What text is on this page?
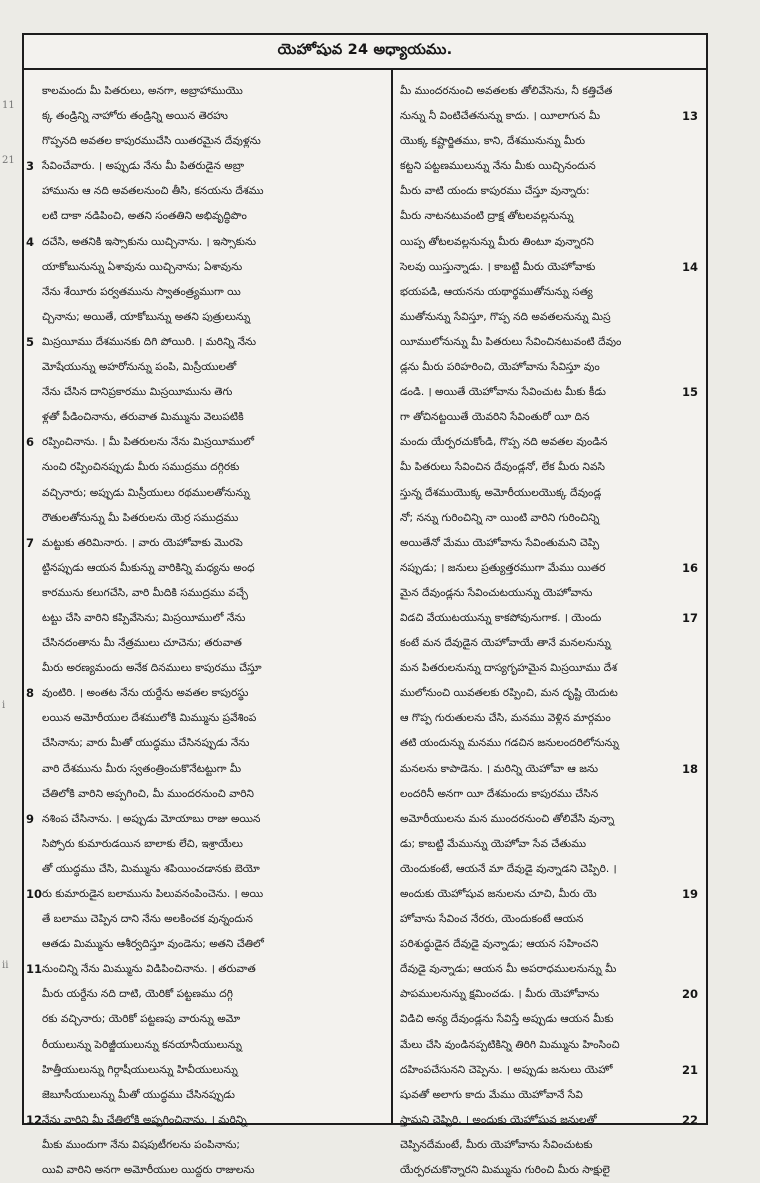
11
21
i
ii
యెహోషువ 24 అధ్యాయము.
కాలమందు మీ పితరులు, అనగా, అబ్రాహాముయొ
క్క తండ్రిన్ని నాహోరు తండ్రిన్ని అయిన తెరహు
గొప్పనది అవతల కాపురముచేసి యితరమైన దేవుళ్లను
3 సేవించేవారు. । అప్పుడు నేను మీ పితరుడైన అబ్రా
హామును ఆ నది అవతలనుంచి తీసి, కనయను దేశము
లటి దాకా నడిపించి, అతని సంతతిని అభివృద్ధిపొం
4 దచేసి, అతనికి ఇస్సాకును యిచ్చినాను. । ఇస్సాకును
యాకోబునున్ను ఏశావును యిచ్చినాను; ఏశావును
నేను శేయీరు పర్వతమును స్వాతంత్ర్యముగా యి
చ్చినాను; అయితే, యాకోబున్ను అతని పుత్రులున్ను
5 మిస్రయీము దేశమునకు దిగి పోయిరి. । మరిన్ని నేను
మోషేయున్ను అహరోనున్ను పంపి, మిస్రీయులతో
నేను చేసిన దానిప్రకారము మిస్రయీమును తెగు
ళ్లతో పీడించినాను, తరువాత మిమ్మును వెలుపటికి
6 రప్పించినాను. । మీ పితరులను నేను మిస్రయీములో
నుంచి రప్పించినప్పుడు మీరు సముద్రము దగ్గిరకు
వచ్చినారు; అప్పుడు మిస్రీయులు రథములతోనున్ను
రౌతులతోనున్ను మీ పితరులను యెర్ర సముద్రము
7 మట్టుకు తరిమినారు. । వారు యెహోవాకు మొరపె
ట్టినప్పుడు ఆయన మీకున్ను వారికిన్ని మధ్యను అంధ
కారమును కలుగచేసి, వారి మీదికి సముద్రము వచ్చే
టట్టు చేసి వారిని కప్పివేసెను; మిస్రయీములో నేను
చేసినదంతాను మీ నేత్రములు చూచెను; తరువాత
మీరు అరణ్యమందు అనేక దినములు కాపురము చేస్తూ
8 వుంటిరి. । అంతట నేను యర్దేను అవతల కాపురస్థు
లయిన అమోరీయుల దేశములోకి మిమ్మును ప్రవేశింప
చేసినాను; వారు మీతో యుద్ధము చేసినప్పుడు నేను
వారి దేశమును మీరు స్వతంత్రించుకొనేటట్టుగా మీ
చేతిలోకి వారిని అప్పగించి, మీ ముందరనుంచి వారిని
9 నశింప చేసినాను. । అప్పుడు మోయాబు రాజు అయిన
సిప్పోరు కుమారుడయిన బాలాకు లేచి, ఇశ్రాయేలు
తో యుద్ధము చేసి, మిమ్మును శపియించడానకు బెయో
10 రు కుమారుడైన బలామును పిలువనంపించెను. । అయి
తే బలాము చెప్పిన దాని నేను అలకించక వున్నందున
ఆతడు మిమ్మును ఆశీర్వదిస్తూ వుండెను; అతని చేతిలో
11 నుంచిన్ని నేను మిమ్మును విడిపించినాను. । తరువాత
మీరు యర్దేను నది దాటి, యెరికో పట్టణము దగ్గి
రకు వచ్చినారు; యెరికో పట్టణపు వారున్ను అమో
రీయులున్ను పెరిజ్జీయులున్ను కనయానీయులున్ను
హిత్తీయులున్ను గిర్గాషీయులున్ను హివీయులున్ను
జెబూసీయులున్ను మీతో యుద్ధము చేసినప్పుడు
12 నేను వారిని మీ చేతిలోకి అప్పగించినాను. । మరిన్ని
మీకు ముందుగా నేను విషపుటీగలను పంపినాను;
యివి వారిని అనగా అమోరీయుల యిద్దరు రాజులను
మీ ముందరనుంచి అవతలకు తోలివేసెను, నీ కత్తిచేత
13
నున్ను నీ వింటిచేతనున్ను కాదు. । యీలాగున మీ
యొక్క కష్టార్జితము, కాని, దేశమునున్ను మీరు
కట్టని పట్టణములున్ను నేను మీకు యిచ్చినందున
మీరు వాటి యందు కాపురము చేస్తూ వున్నారు:
మీరు నాటనటువంటి ద్రాక్ష తోటలవల్లనున్ను
యిప్ప తోటలవల్లనున్ను మీరు తింటూ వున్నారని
14
సెలవు యిస్తున్నాడు. । కాబట్టి మీరు యెహోవాకు
భయపడి, ఆయనను యథార్థముతోనున్ను సత్య
ముతోనున్ను సేవిస్తూ, గొప్ప నది అవతలనున్ను మిస్ర
యీములోనున్ను మీ పితరులు సేవించినటువంటి దేవుం
డ్లను మీరు పరిహరించి, యెహోవాను సేవిస్తూ వుం
15
డండి. । అయితే యెహోవాను సేవించుట మీకు కీడు
గా తోచినట్టయితే యెవరిని సేవింతురో యీ దిన
మందు యేర్పరచుకోండి, గొప్ప నది అవతల వుండిన
మీ పితరులు సేవించిన దేవుండ్లనో, లేక మీరు నివసి
స్తున్న దేశముయొక్క అమోరీయులయొక్క దేవుండ్ల
నో; నన్ను గురించిన్ని నా యింటి వారిని గురించిన్ని
అయితేనో మేము యెహోవాను సేవింతుమని చెప్పి
16
నప్పుడు; । జనులు ప్రత్యుత్తరముగా మేము యితర
మైన దేవుండ్లను సేవించుటయున్ను యెహోవాను
17
విడచి వేయుటయున్ను కాకపోవునుగాక. । యెందు
కంటే మన దేవుడైన యెహోవాయే తానే మనలనున్ను
మన పితరులనున్ను దాస్యగృహమైన మిస్రయీము దేశ
ములోనుంచి యివతలకు రప్పించి, మన దృష్టి యెదుట
ఆ గొప్ప గురుతులను చేసి, మనము వెళ్లిన మార్గమం
తటి యందున్ను మనము గడచిన జనులందరిలోనున్ను
18
మనలను కాపాడెను. । మరిన్ని యెహోవా ఆ జను
లందరినీ అనగా యీ దేశమందు కాపురము చేసిన
అమోరీయులను మన ముందరనుంచి తోలివేసి వున్నా
డు; కాబట్టి మేమున్ను యెహోవా సేవ చేతుము
యెందుకంటే, ఆయనే మా దేవుడై వున్నాడని చెప్పిరి. ।
19
అందుకు యెహోషువ జనులను చూచి, మీరు యె
హోవాను సేవించ నేరరు, యెందుకంటే ఆయన
పరిశుద్ధుడైన దేవుడై వున్నాడు; ఆయన సహించని
దేవుడై వున్నాడు; ఆయన మీ అపరాధములనున్ను మీ
20
పాపములనున్ను క్షమించడు. । మీరు యెహోవాను
విడిచి అన్య దేవుండ్లను సేవిస్తే అప్పుడు ఆయన మీకు
మేలు చేసి వుండినప్పటికిన్ని తిరిగి మిమ్మును హింసించి
21
దహింపచేసునని చెప్పెను. । అప్పుడు జనులు యెహో
షువతో అలాగు కాదు మేము యెహోవానే సేవి
22
స్తామని చెప్పిరి. । అందుకు యెహోషువ జనులతో
చెప్పినదేమంటే, మీరు యెహోవాను సేవించుటకు
యేర్పరచుకొన్నారని మిమ్మును గురించి మీరు సాక్షులై
